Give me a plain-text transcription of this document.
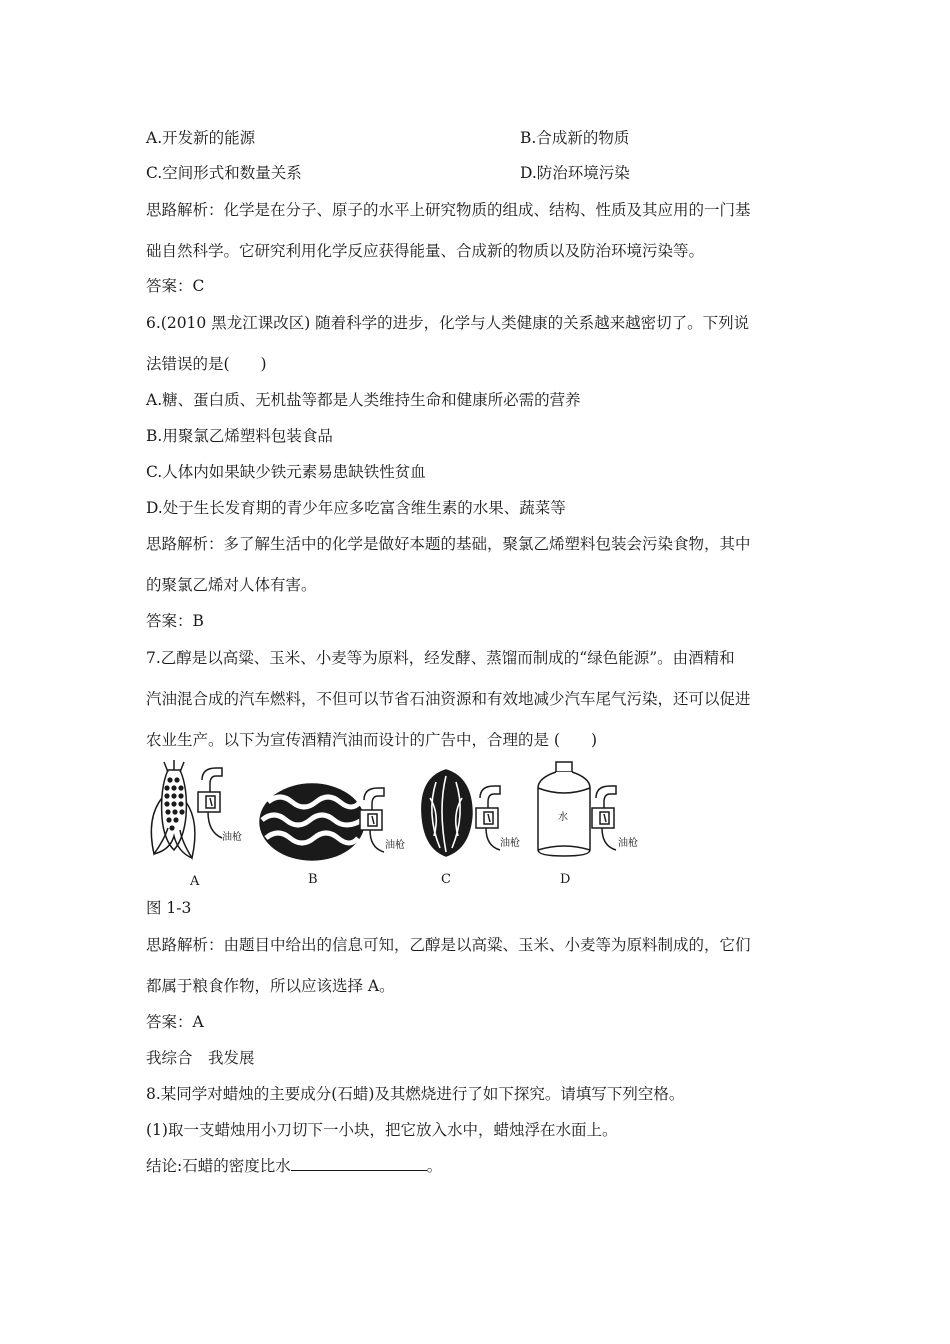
A.开发新的能源	B.合成新的物质
C.空间形式和数量关系	D.防治环境污染
思路解析：化学是在分子、原子的水平上研究物质的组成、结构、性质及其应用的一门基
础自然科学。它研究利用化学反应获得能量、合成新的物质以及防治环境污染等。
答案：C
6.(2010 黑龙江课改区) 随着科学的进步，化学与人类健康的关系越来越密切了。下列说
法错误的是(　　)
A.糖、蛋白质、无机盐等都是人类维持生命和健康所必需的营养
B.用聚氯乙烯塑料包装食品
C.人体内如果缺少铁元素易患缺铁性贫血
D.处于生长发育期的青少年应多吃富含维生素的水果、蔬菜等
思路解析：多了解生活中的化学是做好本题的基础，聚氯乙烯塑料包装会污染食物，其中
的聚氯乙烯对人体有害。
答案：B
7.乙醇是以高粱、玉米、小麦等为原料，经发酵、蒸馏而制成的“绿色能源”。由酒精和
汽油混合成的汽车燃料，不但可以节省石油资源和有效地减少汽车尾气污染，还可以促进
农业生产。以下为宣传酒精汽油而设计的广告中，合理的是 (　　)
油枪
油枪	油枪	油枪
水
A	B	C	D
图 1-3
思路解析：由题目中给出的信息可知，乙醇是以高粱、玉米、小麦等为原料制成的，它们
都属于粮食作物，所以应该选择 A。
答案：A
我综合　我发展
8.某同学对蜡烛的主要成分(石蜡)及其燃烧进行了如下探究。请填写下列空格。
(1)取一支蜡烛用小刀切下一小块，把它放入水中，蜡烛浮在水面上。
结论:石蜡的密度比水	。
